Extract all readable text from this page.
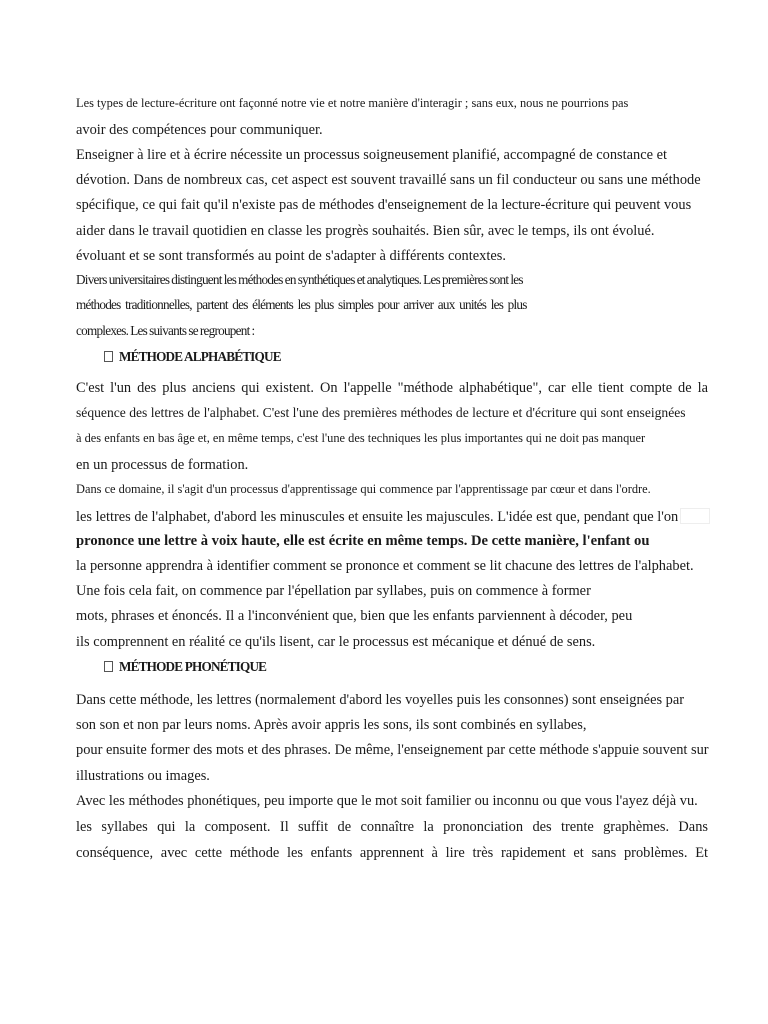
Les types de lecture-écriture ont façonné notre vie et notre manière d'interagir ; sans eux, nous ne pourrions pas
avoir des compétences pour communiquer.
Enseigner à lire et à écrire nécessite un processus soigneusement planifié, accompagné de constance et
dévotion. Dans de nombreux cas, cet aspect est souvent travaillé sans un fil conducteur ou sans une méthode
spécifique, ce qui fait qu'il n'existe pas de méthodes d'enseignement de la lecture-écriture qui peuvent vous
aider dans le travail quotidien en classe les progrès souhaités. Bien sûr, avec le temps, ils ont évolué.
évoluant et se sont transformés au point de s'adapter à différents contextes.
Divers universitaires distinguent les méthodes en synthétiques et analytiques. Les premières sont les
méthodes traditionnelles, partent des éléments les plus simples pour arriver aux unités les plus
complexes. Les suivants se regroupent :
MÉTHODE ALPHABÉTIQUE
C'est l'un des plus anciens qui existent. On l'appelle "méthode alphabétique", car elle tient compte de la
séquence des lettres de l'alphabet. C'est l'une des premières méthodes de lecture et d'écriture qui sont enseignées
à des enfants en bas âge et, en même temps, c'est l'une des techniques les plus importantes qui ne doit pas manquer
en un processus de formation.
Dans ce domaine, il s'agit d'un processus d'apprentissage qui commence par l'apprentissage par cœur et dans l'ordre.
les lettres de l'alphabet, d'abord les minuscules et ensuite les majuscules. L'idée est que, pendant que l'on
prononce une lettre à voix haute, elle est écrite en même temps. De cette manière, l'enfant ou
la personne apprendra à identifier comment se prononce et comment se lit chacune des lettres de l'alphabet.
Une fois cela fait, on commence par l'épellation par syllabes, puis on commence à former
mots, phrases et énoncés. Il a l'inconvénient que, bien que les enfants parviennent à décoder, peu
ils comprennent en réalité ce qu'ils lisent, car le processus est mécanique et dénué de sens.
MÉTHODE PHONÉTIQUE
Dans cette méthode, les lettres (normalement d'abord les voyelles puis les consonnes) sont enseignées par
son son et non par leurs noms. Après avoir appris les sons, ils sont combinés en syllabes,
pour ensuite former des mots et des phrases. De même, l'enseignement par cette méthode s'appuie souvent sur
illustrations ou images.
Avec les méthodes phonétiques, peu importe que le mot soit familier ou inconnu ou que vous l'ayez déjà vu.
les syllabes qui la composent. Il suffit de connaître la prononciation des trente graphèmes. Dans
conséquence, avec cette méthode les enfants apprennent à lire très rapidement et sans problèmes. Et
